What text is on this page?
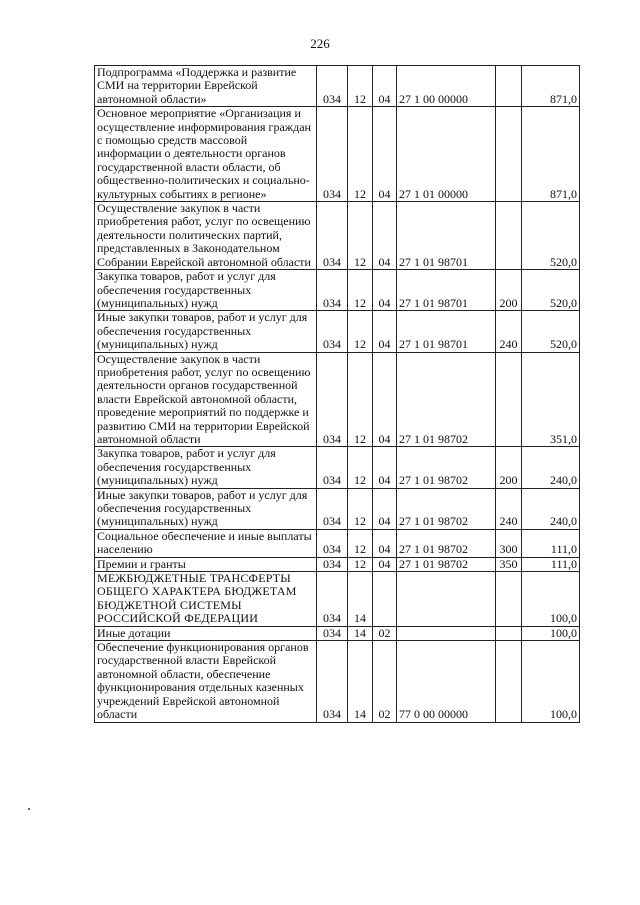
226
Подпрограмма «Поддержка и развитие СМИ на территории Еврейской автономной области»	034	12	04	27 1 00 00000		871,0
Основное мероприятие «Организация и осуществление информирования граждан с помощью средств массовой информации о деятельности органов государственной власти области, об общественно-политических и социально-культурных событиях в регионе»	034	12	04	27 1 01 00000		871,0
Осуществление закупок в части приобретения работ, услуг по освещению деятельности политических партий, представленных в Законодательном Собрании Еврейской автономной области	034	12	04	27 1 01 98701		520,0
Закупка товаров, работ и услуг для обеспечения государственных (муниципальных) нужд	034	12	04	27 1 01 98701	200	520,0
Иные закупки товаров, работ и услуг для обеспечения государственных (муниципальных) нужд	034	12	04	27 1 01 98701	240	520,0
Осуществление закупок в части приобретения работ, услуг по освещению деятельности органов государственной власти Еврейской автономной области, проведение мероприятий по поддержке и развитию СМИ на территории Еврейской автономной области	034	12	04	27 1 01 98702		351,0
Закупка товаров, работ и услуг для обеспечения государственных (муниципальных) нужд	034	12	04	27 1 01 98702	200	240,0
Иные закупки товаров, работ и услуг для обеспечения государственных (муниципальных) нужд	034	12	04	27 1 01 98702	240	240,0
Социальное обеспечение и иные выплаты населению	034	12	04	27 1 01 98702	300	111,0
Премии и гранты	034	12	04	27 1 01 98702	350	111,0
МЕЖБЮДЖЕТНЫЕ ТРАНСФЕРТЫ ОБЩЕГО ХАРАКТЕРА БЮДЖЕТАМ БЮДЖЕТНОЙ СИСТЕМЫ РОССИЙСКОЙ ФЕДЕРАЦИИ	034	14				100,0
Иные дотации	034	14	02			100,0
Обеспечение функционирования органов государственной власти Еврейской автономной области, обеспечение функционирования отдельных казенных учреждений Еврейской автономной области	034	14	02	77 0 00 00000		100,0
